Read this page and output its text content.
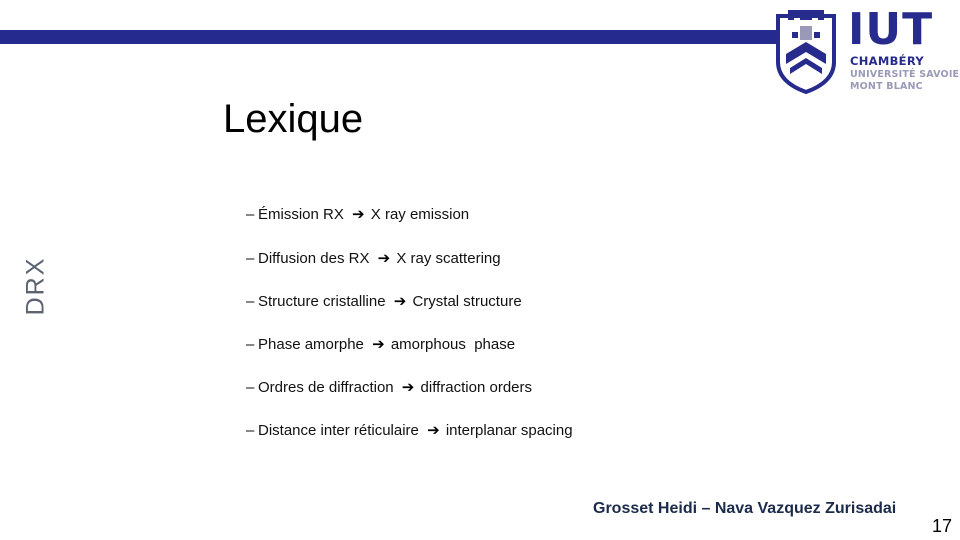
IUT
CHAMBÉRY
UNIVERSITÉ SAVOIE
MONT BLANC
Lexique
DRX
– Émission RX ➔ X ray emission
– Diffusion des RX ➔ X ray scattering
– Structure cristalline ➔ Crystal structure
– Phase amorphe ➔ amorphous  phase
– Ordres de diffraction ➔ diffraction orders
– Distance inter réticulaire ➔ interplanar spacing
Grosset Heidi – Nava Vazquez Zurisadai
17
